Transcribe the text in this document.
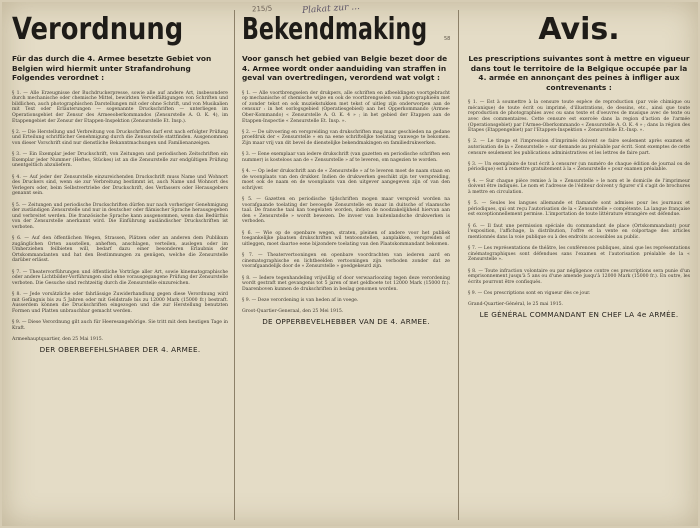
215/5	Plakat zur ...
58
Verordnung
Für das durch die 4. Armee besetzte Gebiet von Belgien wird hiermit unter Strafandrohung Folgendes verordnet :
§ 1. — Alle Erzeugnisse der Buchdruckerpresse, sowie alle auf andere Art, insbesondere durch mechanische oder chemische Mittel, bewirkten Vervielfältigungen von Schriften und bildlichen, auch photographischen Darstellungen mit oder ohne Schrift, und von Musikalien mit Text oder Erläuterungen — sogenannte Druckschriften — unterliegen im Operationsgebiet der Zensur des Armeeoberkommandos (Zensurstelle A. O. K. 4), im Etappengebiet der Zensur der Etappen-Inspektion (Zensurstelle Et. Insp.).
§ 2. — Die Herstellung und Verbreitung von Druckschriften darf erst nach erfolgter Prüfung und Erteilung schriftlicher Genehmigung durch die Zensurstelle stattfinden. Ausgenommen von dieser Vorschrift sind nur dienstliche Bekanntmachungen und Familienanzeigen.
§ 3. — Ein Exemplar jeder Druckschrift, von Zeitungen und periodischen Zeitschriften ein Exemplar jeder Nummer (Heftes, Stückes) ist an die Zensurstelle zur endgültigen Prüfung unentgeltlich abzuliefern.
§ 4. — Auf jeder der Zensurstelle einzureichenden Druckschrift muss Name und Wohnort des Druckers sind, wenn sie zur Verbreitung bestimmt ist, auch Name und Wohnort des Verlegers oder, beim Selbstvertriebe der Druckschrift, des Verfassers oder Herausgebers genannt sein.
§ 5. — Zeitungen und periodische Druckschriften dürfen nur nach vorheriger Genehmigung der zuständigen Zensurstelle und nur in deutscher oder flämischer Sprache herausgegeben und verbreitet werden. Die französische Sprache kann ausgenommen, wenn das Bedürfnis von der Zensurstelle anerkannt wird. Die Einführung ausländischer Druckschriften ist verboten.
§ 6. — Auf den öffentlichen Wegen, Strassen, Plätzen oder an anderen dem Publikum zugänglichen Orten ausstellen, anheften, anschlagen, verteilen, auslegen oder im Umherziehen feilbieten will, bedarf dazu einer besonderen Erlaubnis der Ortskommandanten und hat den Bestimmungen zu genügen, welche die Zensurstelle darüber erlässt.
§ 7. — Theatervorführungen und öffentliche Vorträge aller Art, sowie kinematographische oder andere Lichtbilder-Vorführungen sind ohne vorausgegangene Prüfung der Zensurstelle verboten. Die Gesuche sind rechtzeitig durch die Zensurstelle einzureichen.
§ 8. — Jede vorsätzliche oder fahrlässige Zuwiderhandlung gegen diese Verordnung wird mit Gefängnis bis zu 5 Jahren oder mit Geldstrafe bis zu 12000 Mark (15000 fr.) bestraft. Ausserdem können die Druckschriften eingezogen und die zur Herstellung benutzten Formen und Platten unbrauchbar gemacht werden.
§ 9. — Diese Verordnung gilt auch für Heeresangehörige. Sie tritt mit dem heutigen Tage in Kraft.
Armeehauptquartier, den 25 Mai 1915.
DER OBERBEFEHLSHABER DER 4. ARMEE.
Bekendmaking
Voor gansch het gebied van Belgie bezet door de 4. Armee wordt onder aanduiding van straffen in geval van overtredingen, verordend wat volgt :
§ 1. — Alle voortbrengselen der drukpers, alle schriften en afbeeldingen voortgebracht op mechanische of chemische wijze en ook de voortbrengselen van photographieën met of zonder tekst en ook muziekstukken met tekst of uitleg zijn onderworpen aan de censuur : in het oorlogsgebied (Operatiesgebied) aan het Opperkommando (Armee-Ober-Kommando) « Zensurstelle A. O. K. 4 » ; in het gebied der Etappen aan de Etappen-Inspectie « Zensurstelle Et. Insp. ».
§ 2. — De uitvoering en verspreiding van drukschriften mag maar geschieden na gedane proefdruk der « Zensurstelle » en na eene schriftelijke toelating vanwege te bekomen. Zijn maar vrij van dit bevel de dienstelijke bekendmakingen en familiedrukwerken.
§ 3. — Eene exemplaar van iedere drukschrift (van gazetten en periodische schriften een nummer) is kosteloos aan de « Zensurstelle » af te leveren, om nagezien te worden.
§ 4. — Op ieder drukschrift aan de « Zensurstelle » af te leveren moet de naam staan en de woonplaats van den drukker. Indien de drukwerken geschikt zijn ter verspreiding, moet ook de naam en de woonplaats van den uitgever aangegeven zijn of van den schrijver.
§ 5. — Gazetten en periodische tijdschriften mogen maar verspreid worden na voorafgaande toelating der bevoegde Zensurstelle en maar in duitsche of vlaamsche taal. De fransche taal kan toegelaten worden, indien de noodzakelijkheid hiervan aan den « Zensurstelle » wordt bewezen. De invoer van buitenlandsche drukwerken is verboden.
§ 6. — Wie op de openbare wegen, straten, pleinen of andere voor het publiek toegankelijke plaatsen drukschriften wil tentoonstellen, aanplakken, verspreiden of uitleggen, moet daartoe eene bijzondere toelating van den Plaatskommandant bekomen.
§ 7. — Theatervertooningen en openbare voordrachten van iederen aard en cinematographische en lichtbeelden vertooningen zijn verboden zonder dat ze voorafgaandelijk door de « Zensurstelle » goedgekeurd zijn.
§ 8. — Iedere tegenhandeling vrijwillig of door verwaarloozing tegen deze verordening wordt gestraft met gevangenis tot 5 jaren of met geldboete tot 12000 Mark (15000 fr.). Daarenboven kunnen de drukschriften in beslag genomen worden.
§ 9. — Deze verordening is van heden af in voege.
Groot-Quartier-Generaal, den 25 Mei 1915.
DE OPPERBEVELHEBBER VAN DE 4. ARMEE.
Avis.
Les prescriptions suivantes sont à mettre en vigueur dans tout le territoire de la Belgique occupée par la 4. armée en annonçant des peines à infliger aux contrevenants :
§ 1. — Est à soumettre à la censure toute espèce de reproduction (par voie chimique ou mécanique) de toute écrit ou imprimé, d'illustrations, de dessins, etc., ainsi que toute reproduction de photographies avec ou sans texte et d'oeuvres de musique avec de texte ou avec des commentaires. Cette censure est exercée dans la region d'action de l'armée (Operationsgebiet) par l'Armee-Oberkommando « Zensurstelle A. O. K. 4 » ; dans la région des Etapes (Etappengebiet) par l'Etappen-Inspektion « Zensurstelle Et.-Insp. ».
§ 2. — Le tirage et l'impression d'imprimés doivent se faire seulement après examen et autorisation de la « Zensurstelle » sur demande au préalable par écrit. Sont exemptes de cette censure seulement les publications administratives et les lettres de faire part.
§ 3. — Un exemplaire de tout écrit à censurer (un numéro de chaque édition de journal ou de périodique) est à remettre gratuitement à la « Zensurstelle » pour examen préalable.
§ 4. — Sur chaque pièce remise à la « Zensurstelle » le nom et le domicile de l'imprimeur doivent être indiqués. Le nom et l'adresse de l'éditeur doivent y figurer s'il s'agit de brochures à mettre en circulation.
§ 5. — Seules les langues allemande et flamande sont admises pour les journaux et périodiques, qui ont reçu l'autorisation de la « Zensurstelle » compétente. La langue française est exceptionnellement permise. L'importation de toute littérature étrangère est défendue.
§ 6. — Il faut une permission spéciale du commandant de place (Ortskommandant) pour l'exposition, l'affichage, la distribution, l'offre et la vente en colportage des articles mentionnés dans la voie publique ou à des endroits accessibles au public.
§ 7. — Les représentations de théâtre, les conférences publiques, ainsi que les représentations cinématographiques sont défendues sans l'examen et l'autorisation préalable de la « Zensurstelle ».
§ 8. — Toute infraction volontaire ou par négligence contre ces prescriptions sera punie d'un emprisonnement jusqu'à 5 ans ou d'une amende jusqu'à 12000 Mark (15000 fr.). En outre, les écrits pourront être confisqués.
§ 9. — Ces prescriptions sont en vigueur dès ce jour.
Grand-Quartier-Général, le 25 mai 1915.
LE GÉNÉRAL COMMANDANT EN CHEF LA 4e ARMÉE.
